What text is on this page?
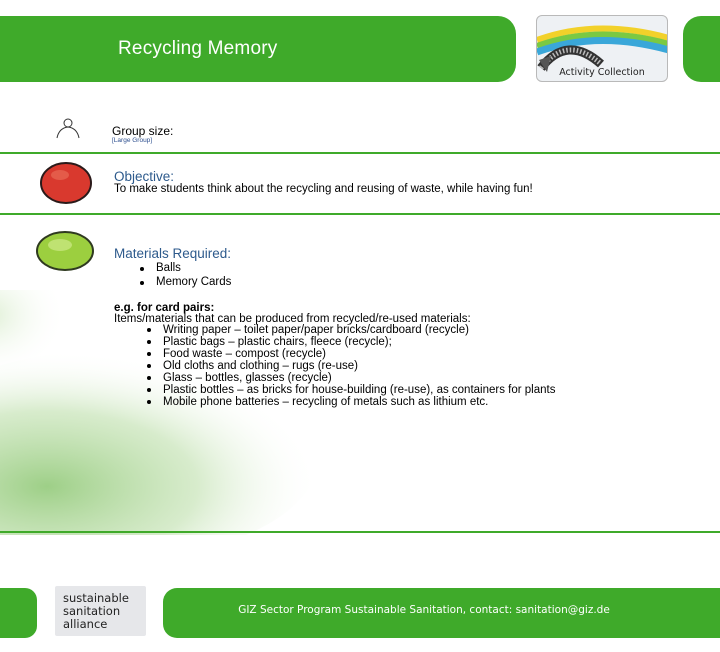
Recycling Memory
Activity Collection
Group size:
[Large Group]
Objective:
To make students think about the recycling and reusing of waste, while having fun!
Materials Required:
Balls
Memory Cards
e.g. for card pairs:
Items/materials that can be produced from recycled/re-used materials:
Writing paper – toilet paper/paper bricks/cardboard (recycle)
Plastic bags – plastic chairs, fleece (recycle);
Food waste – compost (recycle)
Old cloths and clothing – rugs (re-use)
Glass – bottles, glasses (recycle)
Plastic bottles – as bricks for house-building (re-use), as containers for plants
Mobile phone batteries – recycling of metals such as lithium etc.
sustainable
sanitation
alliance
GIZ Sector Program Sustainable Sanitation, contact: sanitation@giz.de
